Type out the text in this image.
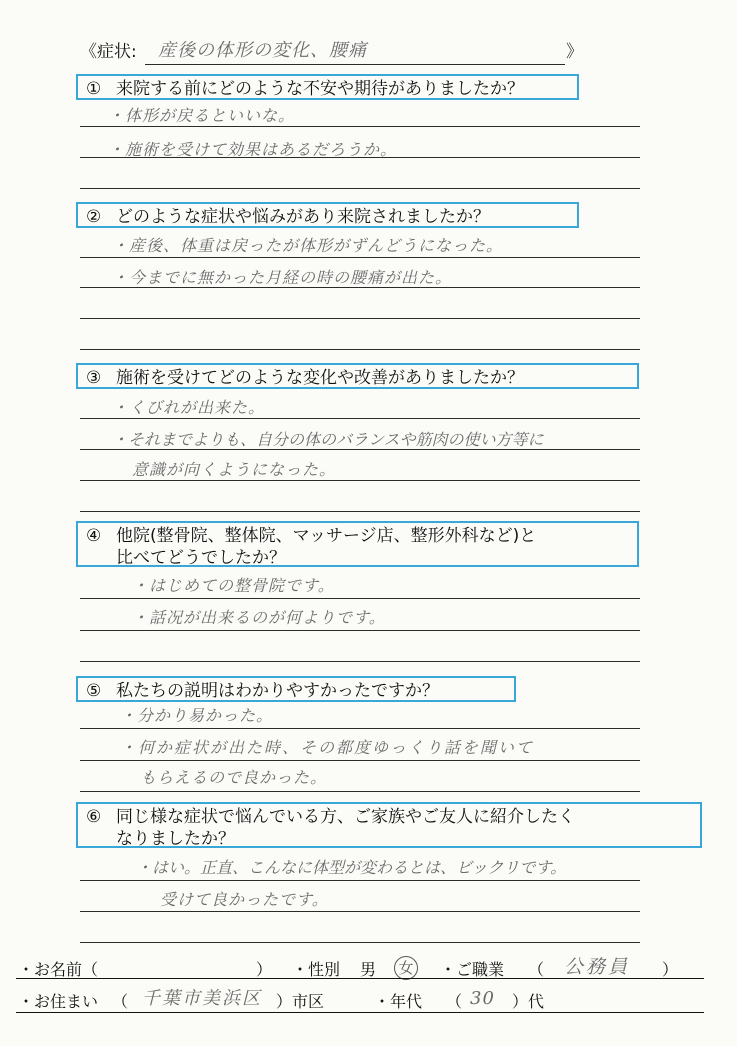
《症状: 産後の体形の変化、腰痛	》
① 来院する前にどのような不安や期待がありましたか？
・体形が戻るといいな。
・施術を受けて効果はあるだろうか。
② どのような症状や悩みがあり来院されましたか？
・産後、体重は戻ったが体形がずんどうになった。
・今までに無かった月経の時の腰痛が出た。
③ 施術を受けてどのような変化や改善がありましたか？
・くびれが出来た。
・それまでよりも、自分の体のバランスや筋肉の使い方等に
意識が向くようになった。
④ 他院(整骨院、整体院、マッサージ店、整形外科など)と
比べてどうでしたか？
・はじめての整骨院です。
・話况が出来るのが何よりです。
⑤ 私たちの説明はわかりやすかったですか？
・分かり易かった。
・何か症状が出た時、その都度ゆっくり話を聞いて
もらえるので良かった。
⑥ 同じ様な症状で悩んでいる方、ご家族やご友人に紹介したく
なりましたか？
・はい。正直、こんなに体型が変わるとは、ビックリです。
受けて良かったです。
・お名前（	） ・性別 男 女 ・ご職業 （ 公務員 ）
・お住まい （ 千葉市美浜区 ）市区	・年代 （ 30 ）代
